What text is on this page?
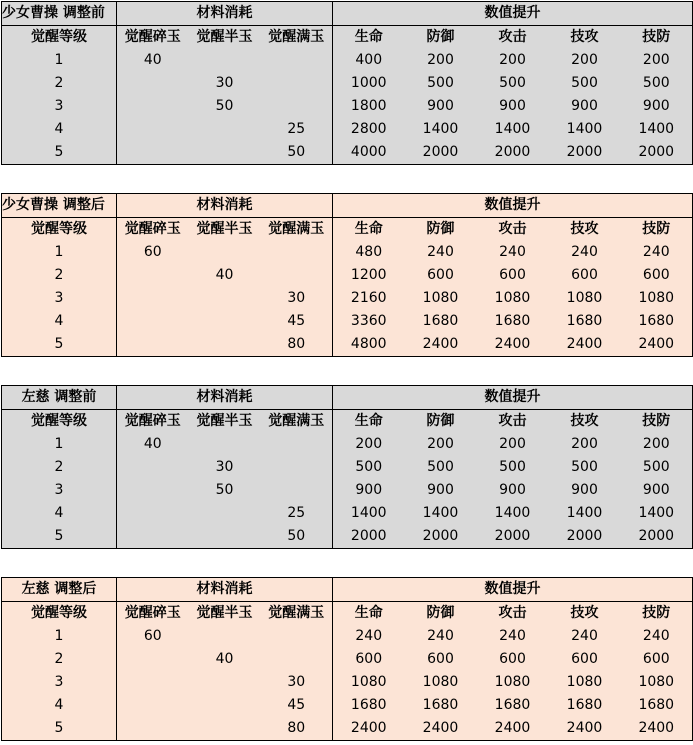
少女曹操 调整前	材料消耗			数值提升				
觉醒等级	觉醒碎玉	觉醒半玉	觉醒满玉	生命	防御	攻击	技攻	技防
1	40			400	200	200	200	200
2		30		1000	500	500	500	500
3		50		1800	900	900	900	900
4			25	2800	1400	1400	1400	1400
5			50	4000	2000	2000	2000	2000
少女曹操 调整后	材料消耗			数值提升				
觉醒等级	觉醒碎玉	觉醒半玉	觉醒满玉	生命	防御	攻击	技攻	技防
1	60			480	240	240	240	240
2		40		1200	600	600	600	600
3			30	2160	1080	1080	1080	1080
4			45	3360	1680	1680	1680	1680
5			80	4800	2400	2400	2400	2400
左慈 调整前	材料消耗			数值提升				
觉醒等级	觉醒碎玉	觉醒半玉	觉醒满玉	生命	防御	攻击	技攻	技防
1	40			200	200	200	200	200
2		30		500	500	500	500	500
3		50		900	900	900	900	900
4			25	1400	1400	1400	1400	1400
5			50	2000	2000	2000	2000	2000
左慈 调整后	材料消耗			数值提升				
觉醒等级	觉醒碎玉	觉醒半玉	觉醒满玉	生命	防御	攻击	技攻	技防
1	60			240	240	240	240	240
2		40		600	600	600	600	600
3			30	1080	1080	1080	1080	1080
4			45	1680	1680	1680	1680	1680
5			80	2400	2400	2400	2400	2400
